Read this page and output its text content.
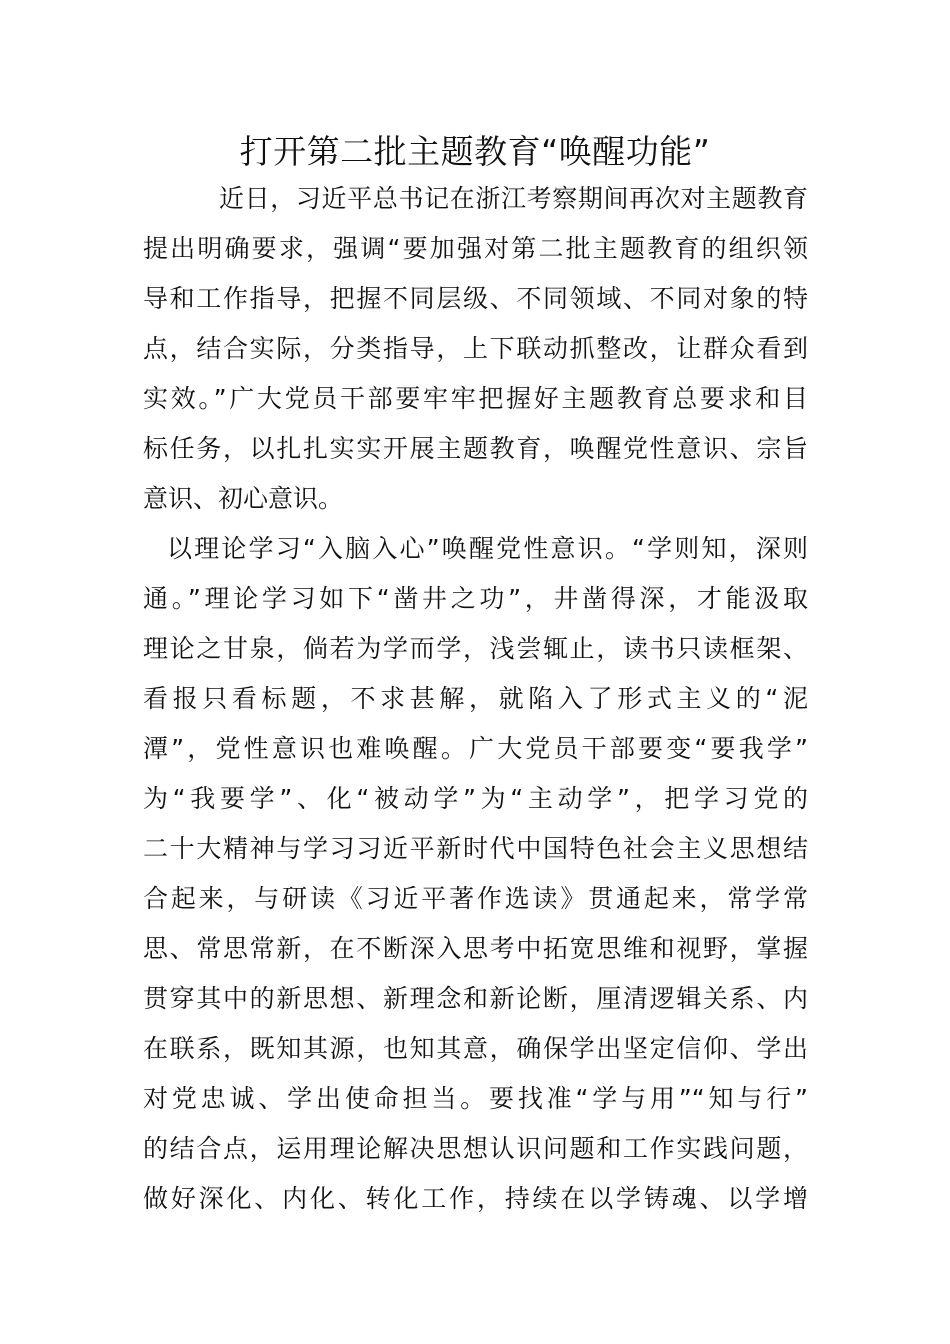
打开第二批主题教育“唤醒功能”
近日，习近平总书记在浙江考察期间再次对主题教育
提出明确要求，强调“要加强对第二批主题教育的组织领
导和工作指导，把握不同层级、不同领域、不同对象的特
点，结合实际，分类指导，上下联动抓整改，让群众看到
实效。”广大党员干部要牢牢把握好主题教育总要求和目
标任务，以扎扎实实开展主题教育，唤醒党性意识、宗旨
意识、初心意识。
以理论学习“入脑入心”唤醒党性意识。“学则知，深则
通。”理论学习如下“凿井之功”，井凿得深，才能汲取
理论之甘泉，倘若为学而学，浅尝辄止，读书只读框架、
看报只看标题，不求甚解，就陷入了形式主义的“泥
潭”，党性意识也难唤醒。广大党员干部要变“要我学”
为“我要学”、化“被动学”为“主动学”，把学习党的
二十大精神与学习习近平新时代中国特色社会主义思想结
合起来，与研读《习近平著作选读》贯通起来，常学常
思、常思常新，在不断深入思考中拓宽思维和视野，掌握
贯穿其中的新思想、新理念和新论断，厘清逻辑关系、内
在联系，既知其源，也知其意，确保学出坚定信仰、学出
对党忠诚、学出使命担当。要找准“学与用”“知与行”
的结合点，运用理论解决思想认识问题和工作实践问题，
做好深化、内化、转化工作，持续在以学铸魂、以学增
